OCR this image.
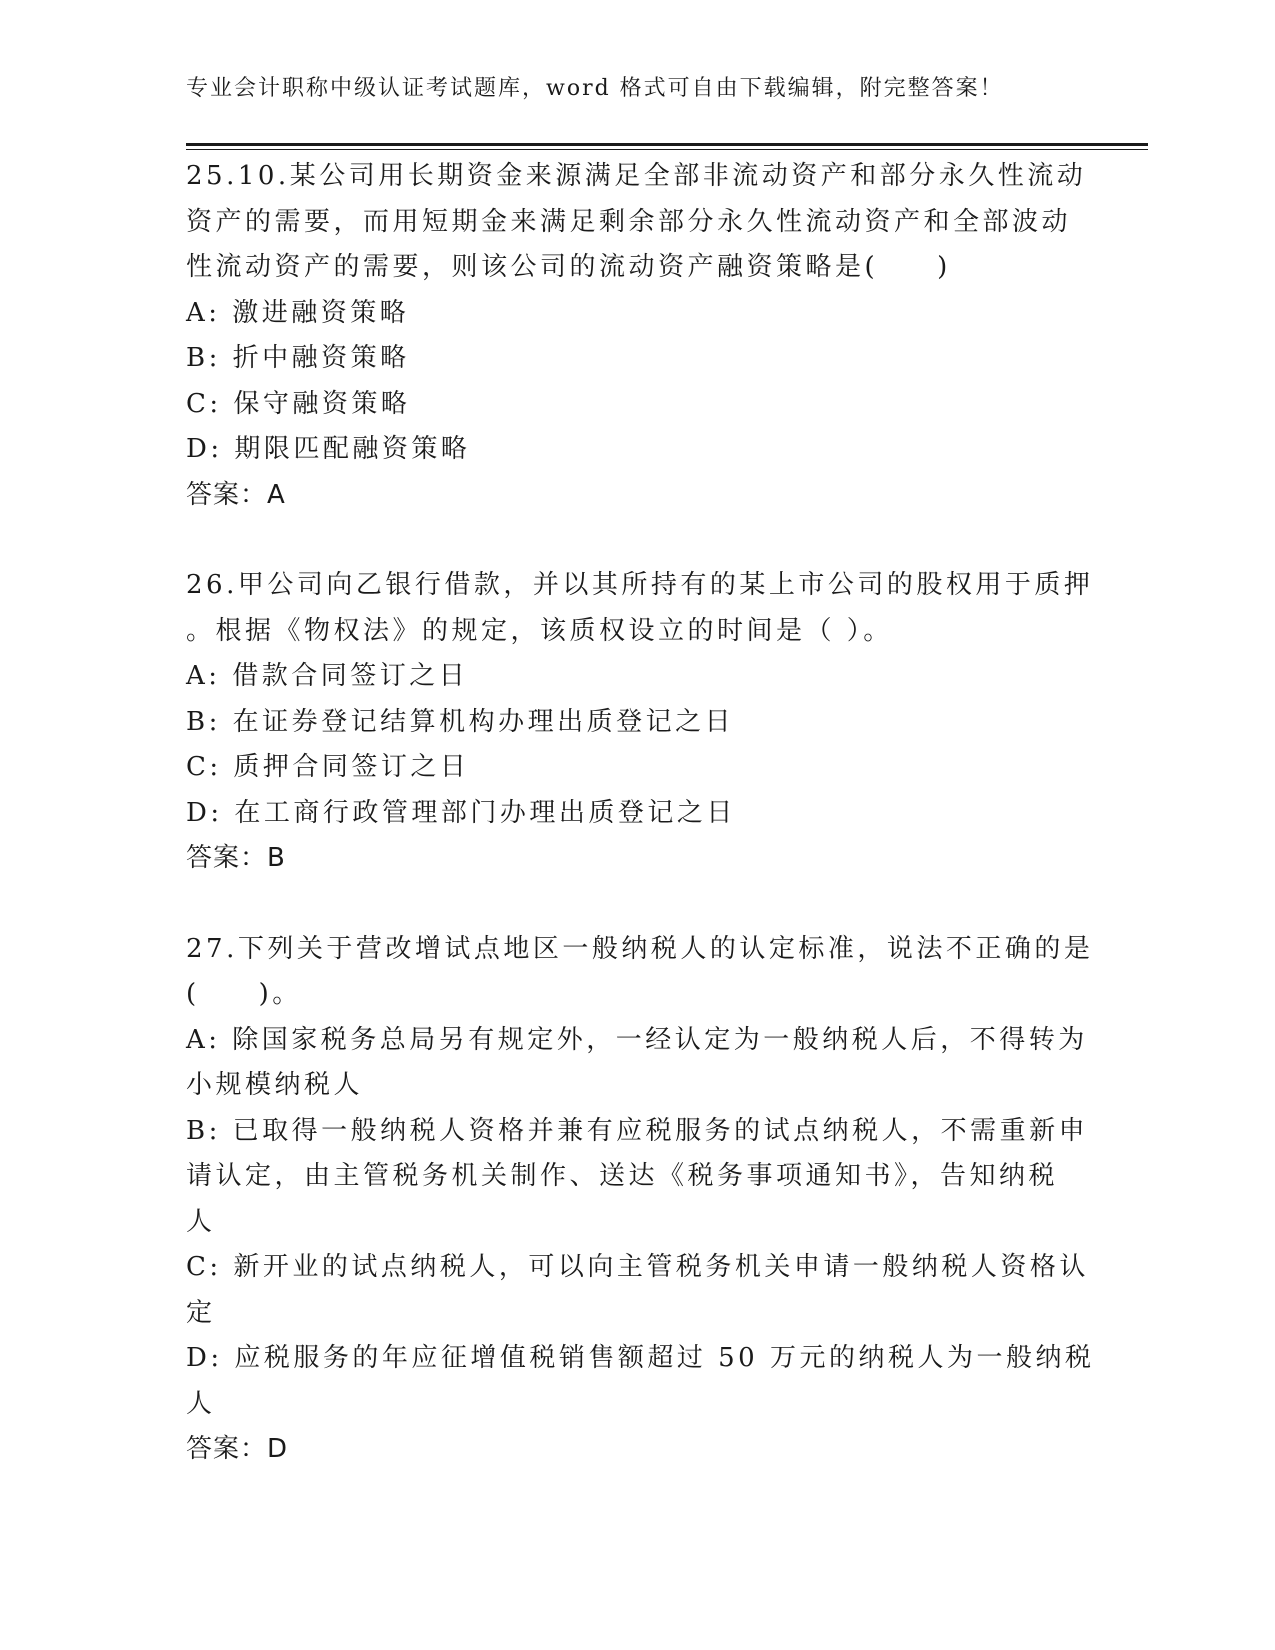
专业会计职称中级认证考试题库，word 格式可自由下载编辑，附完整答案！
25.10.某公司用长期资金来源满足全部非流动资产和部分永久性流动
资产的需要，而用短期金来满足剩余部分永久性流动资产和全部波动
性流动资产的需要，则该公司的流动资产融资策略是(　　)
A: 激进融资策略
B: 折中融资策略
C: 保守融资策略
D: 期限匹配融资策略
答案：A
26.甲公司向乙银行借款，并以其所持有的某上市公司的股权用于质押
。根据《物权法》的规定，该质权设立的时间是（ ）。
A: 借款合同签订之日
B: 在证券登记结算机构办理出质登记之日
C: 质押合同签订之日
D: 在工商行政管理部门办理出质登记之日
答案：B
27.下列关于营改增试点地区一般纳税人的认定标准，说法不正确的是
(　　)。
A: 除国家税务总局另有规定外，一经认定为一般纳税人后，不得转为
小规模纳税人
B: 已取得一般纳税人资格并兼有应税服务的试点纳税人，不需重新申
请认定，由主管税务机关制作、送达《税务事项通知书》，告知纳税
人
C: 新开业的试点纳税人，可以向主管税务机关申请一般纳税人资格认
定
D: 应税服务的年应征增值税销售额超过 50 万元的纳税人为一般纳税
人
答案：D
